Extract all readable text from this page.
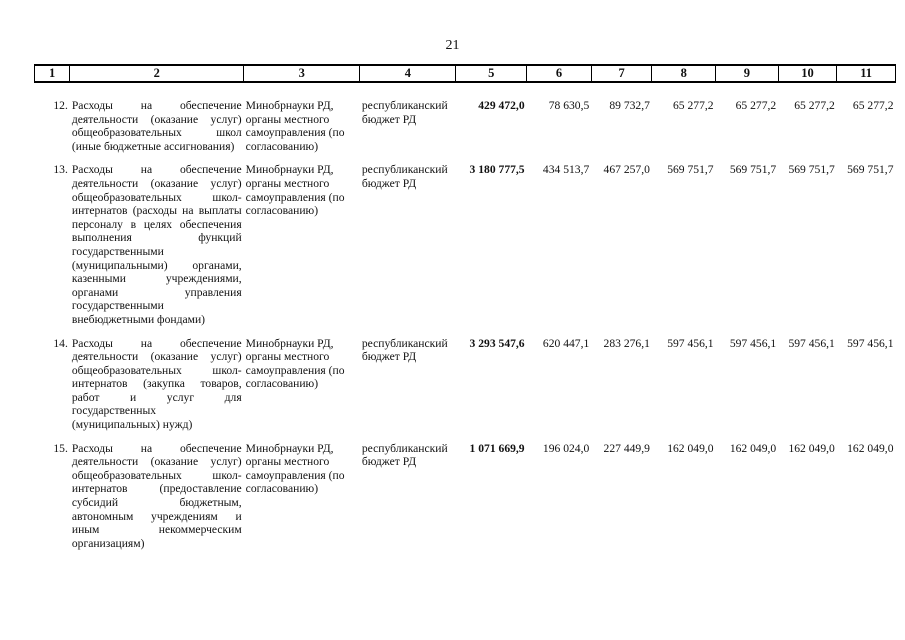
21
1	2	3	4	5	6	7	8	9	10	11

12.	Расходы на обеспечение деятельности (оказание услуг) общеобразовательных школ (иные бюджетные ассигнования)	Минобрнауки РД, органы местного самоуправления (по согласованию)	республиканский бюджет РД	429 472,0	78 630,5	89 732,7	65 277,2	65 277,2	65 277,2	65 277,2
13.	Расходы на обеспечение деятельности (оказание услуг) общеобразовательных школ-интернатов (расходы на выплаты персоналу в целях обеспечения выполнения функций государственными (муниципальными) органами, казенными учреждениями, органами управления государственными внебюджетными фондами)	Минобрнауки РД, органы местного самоуправления (по согласованию)	республиканский бюджет РД	3 180 777,5	434 513,7	467 257,0	569 751,7	569 751,7	569 751,7	569 751,7
14.	Расходы на обеспечение деятельности (оказание услуг) общеобразовательных школ-интернатов (закупка товаров, работ и услуг для государственных (муниципальных) нужд)	Минобрнауки РД, органы местного самоуправления (по согласованию)	республиканский бюджет РД	3 293 547,6	620 447,1	283 276,1	597 456,1	597 456,1	597 456,1	597 456,1
15.	Расходы на обеспечение деятельности (оказание услуг) общеобразовательных школ-интернатов (предоставление субсидий бюджетным, автономным учреждениям и иным некоммерческим организациям)	Минобрнауки РД, органы местного самоуправления (по согласованию)	республиканский бюджет РД	1 071 669,9	196 024,0	227 449,9	162 049,0	162 049,0	162 049,0	162 049,0
